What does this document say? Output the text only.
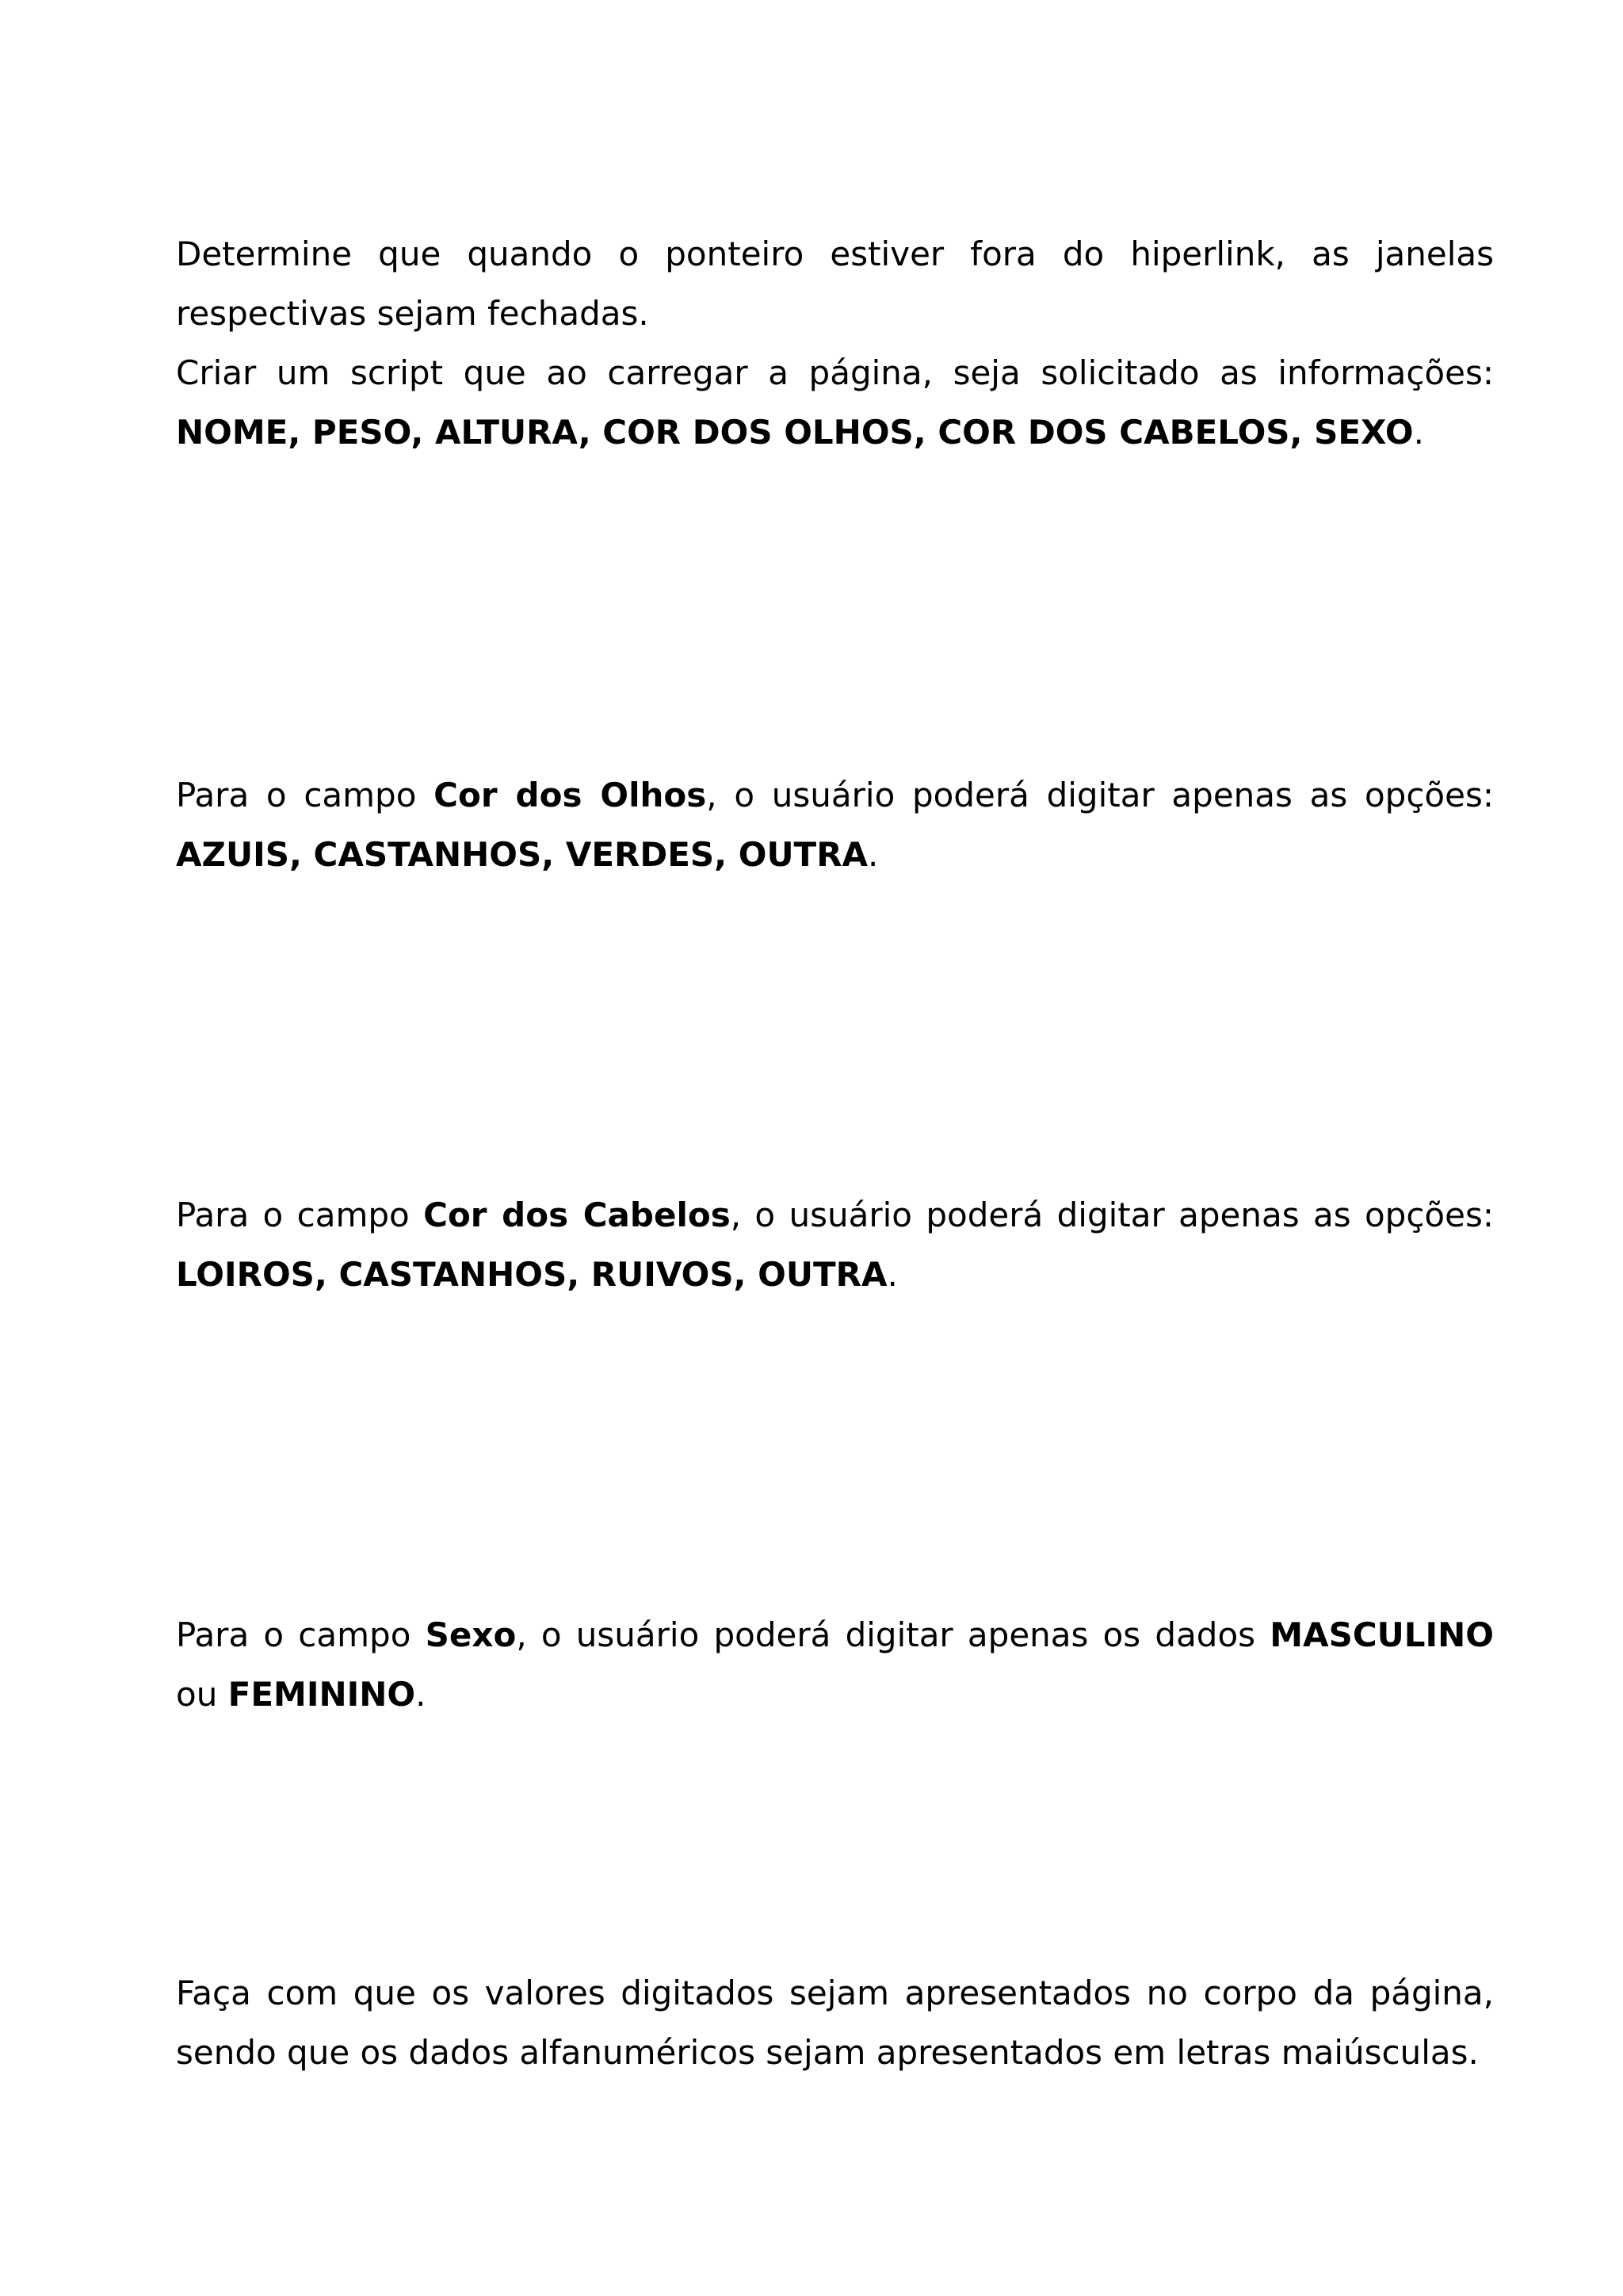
Determine que quando o ponteiro estiver fora do hiperlink, as janelas
respectivas sejam fechadas.

Criar um script que ao carregar a página, seja solicitado as informações:
NOME, PESO, ALTURA, COR DOS OLHOS, COR DOS CABELOS, SEXO.

Para o campo Cor dos Olhos, o usuário poderá digitar apenas as opções:
AZUIS, CASTANHOS, VERDES, OUTRA.

Para o campo Cor dos Cabelos, o usuário poderá digitar apenas as opções:
LOIROS, CASTANHOS, RUIVOS, OUTRA.

Para o campo Sexo, o usuário poderá digitar apenas os dados MASCULINO
ou FEMININO.

Faça com que os valores digitados sejam apresentados no corpo da página,
sendo que os dados alfanuméricos sejam apresentados em letras maiúsculas.
